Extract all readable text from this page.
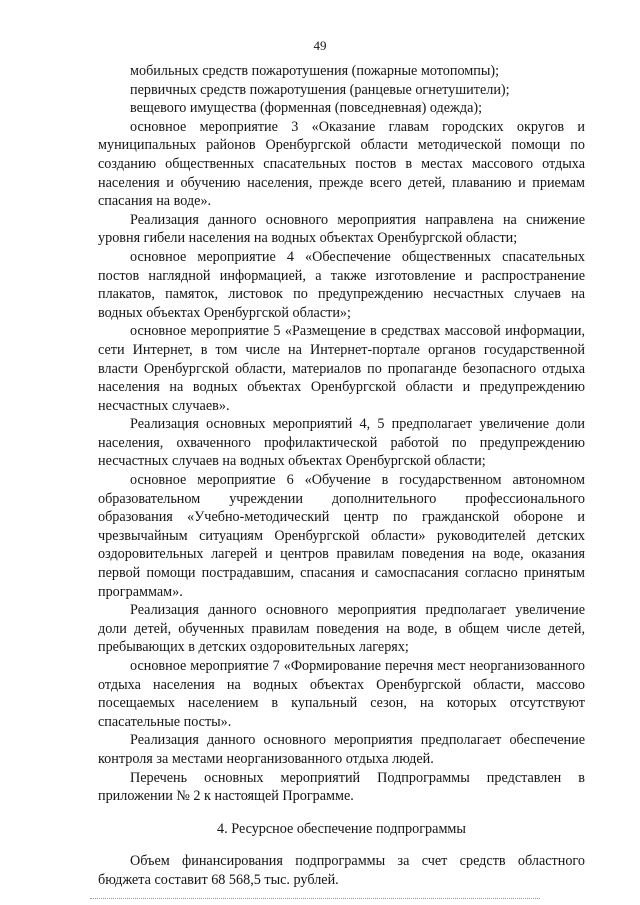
49

мобильных средств пожаротушения (пожарные мотопомпы);

первичных средств пожаротушения (ранцевые огнетушители);

вещевого имущества (форменная (повседневная) одежда);

основное мероприятие 3 «Оказание главам городских округов и муниципальных районов Оренбургской области методической помощи по созданию общественных спасательных постов в местах массового отдыха населения и обучению населения, прежде всего детей, плаванию и приемам спасания на воде».

Реализация данного основного мероприятия направлена на снижение уровня гибели населения на водных объектах Оренбургской области;

основное мероприятие 4 «Обеспечение общественных спасательных постов наглядной информацией, а также изготовление и распространение плакатов, памяток, листовок по предупреждению несчастных случаев на водных объектах Оренбургской области»;

основное мероприятие 5 «Размещение в средствах массовой информации, сети Интернет, в том числе на Интернет-портале органов государственной власти Оренбургской области, материалов по пропаганде безопасного отдыха населения на водных объектах Оренбургской области и предупреждению несчастных случаев».

Реализация основных мероприятий 4, 5 предполагает увеличение доли населения, охваченного профилактической работой по предупреждению несчастных случаев на водных объектах Оренбургской области;

основное мероприятие 6 «Обучение в государственном автономном образовательном учреждении дополнительного профессионального образования «Учебно-методический центр по гражданской обороне и чрезвычайным ситуациям Оренбургской области» руководителей детских оздоровительных лагерей и центров правилам поведения на воде, оказания первой помощи пострадавшим, спасания и самоспасания согласно принятым программам».

Реализация данного основного мероприятия предполагает увеличение доли детей, обученных правилам поведения на воде, в общем числе детей, пребывающих в детских оздоровительных лагерях;

основное мероприятие 7 «Формирование перечня мест неорганизованного отдыха населения на водных объектах Оренбургской области, массово посещаемых населением в купальный сезон, на которых отсутствуют спасательные посты».

Реализация данного основного мероприятия предполагает обеспечение контроля за местами неорганизованного отдыха людей.

Перечень основных мероприятий Подпрограммы представлен в приложении № 2 к настоящей Программе.

4. Ресурсное обеспечение подпрограммы

Объем финансирования подпрограммы за счет средств областного бюджета составит 68 568,5 тыс. рублей.
